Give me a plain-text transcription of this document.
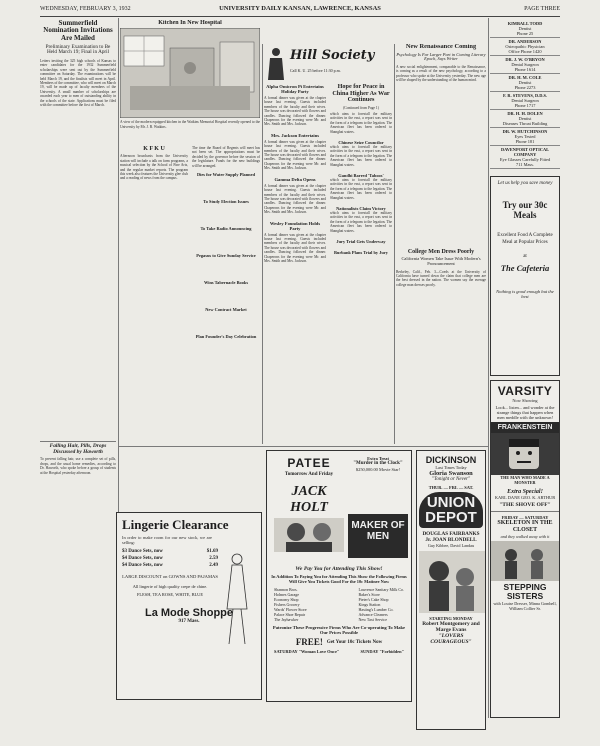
WEDNESDAY, FEBRUARY 3, 1932	UNIVERSITY DAILY KANSAN, LAWRENCE, KANSAS	PAGE THREE
Summerfield Nomination Invitations Are Mailed
Preliminary Examination to Be Held March 19; Final in April
Letters inviting the 325 high schools of Kansas to enter candidates for the 1932 Summerfield scholarships were sent out by the Summerfield committee on Saturday. The examinations will be held March 19, and the finalists will meet in April. Members of the committee, who will meet on March 19, will be made up of faculty members of the University. A small number of scholarships are awarded each year to men of outstanding ability in the schools of the state. Applications must be filed with the committee before the first of March.
Falling Hair, Pills, Drops Discussed by Haworth
To prevent falling hair, use a complete set of pills, drops, and the usual home remedies, according to Dr. Haworth, who spoke before a group of students at the Hospital yesterday afternoon.
Kitchen In New Hospital
A view of the modern equipped kitchen in the Watkins Memorial Hospital recently opened to the University by Mr. J. B. Watkins.
K F K U
Afternoon broadcasts from the University station will include a talk on farm programs, a musical selection by the School of Fine Arts, and the regular market reports. The program this week also features the University glee club and a reading of news from the campus.
The time the Board of Regents will meet has not been set. The appropriations must be decided by the governor before the session of the legislature. Funds for the new buildings will be arranged.
Dies for Water Supply Planned
To Study Election Issues
To Take Radio Announcing
Pegasus to Give Sunday Service
Wins Tabernacle Books
New Contract Market
Plan Founder's Day Celebration
Hill Society
Call K. U. 25 before 11:30 p.m.
Alpha Omicron Pi Entertains Holiday Party
A formal dinner was given at the chapter house last evening. Guests included members of the faculty and their wives. The house was decorated with flowers and candles. Dancing followed the dinner. Chaperons for the evening were Mr. and Mrs. Smith and Mrs. Jackson.
Mrs. Jackson Entertains
A formal dinner was given at the chapter house last evening. Guests included members of the faculty and their wives. The house was decorated with flowers and candles. Dancing followed the dinner. Chaperons for the evening were Mr. and Mrs. Smith and Mrs. Jackson.
Gamma Delta Opens
A formal dinner was given at the chapter house last evening. Guests included members of the faculty and their wives. The house was decorated with flowers and candles. Dancing followed the dinner. Chaperons for the evening were Mr. and Mrs. Smith and Mrs. Jackson.
Wesley Foundation Holds Party
A formal dinner was given at the chapter house last evening. Guests included members of the faculty and their wives. The house was decorated with flowers and candles. Dancing followed the dinner. Chaperons for the evening were Mr. and Mrs. Smith and Mrs. Jackson.
Hope for Peace in China Higher As War Continues
(Continued from Page 1)
which aims to forestall the military activities in the east, a report was sent in the form of a telegram to the legation. The American fleet has been ordered to Shanghai waters.
Chinese Seize Councilor
which aims to forestall the military activities in the east, a report was sent in the form of a telegram to the legation. The American fleet has been ordered to Shanghai waters.
Gandhi Barred 'Taboos'
which aims to forestall the military activities in the east, a report was sent in the form of a telegram to the legation. The American fleet has been ordered to Shanghai waters.
Nationalists Claim Victory
which aims to forestall the military activities in the east, a report was sent in the form of a telegram to the legation. The American fleet has been ordered to Shanghai waters.
Jury Trial Gets Underway
Burbank Plans Trial by Jury
New Renaissance Coming
Psychology Is Far Larger Part in Coming Literary Epoch, Says Writer
A new social enlightenment, comparable to the Renaissance, is coming as a result of the new psychology, according to a professor who spoke at the University yesterday. The new age will be shaped by the understanding of the human mind.
College Men Dress Poorly
California Women Take Issue With Modern's Pronouncement
Berkeley, Calif., Feb. 3—Coeds at the University of California have turned down the claim that college men are the best dressed in the nation. The women say the average college man dresses poorly.
KIMBALL TODD
Dentist
Phone 25
DR. ANDERSON
Osteopathic Physician
Office Phone 1420
DR. J. W. O'BRYON
Dental Surgeon
Phone 1614
DR. H. M. COLE
Dentist
Phone 2273
F. R. STEVENS, D.D.S.
Dental Surgeon
Phone 1717
DR. H. H. DOLEN
Dentist
Diseases Throat Building
DR. W. HUTCHINSON
Eyes Tested
Phone 181
DAVENPORT OPTICAL COMPANY
Eye Glasses Carefully Fitted
711 Mass.
Let us help you save money
Try our 30c Meals
Excellent Food A Complete Meal at Popular Prices
at
The Cafeteria
Nothing is good enough but the best
VARSITY
Now Showing
Look... listen... and wonder at the strange things that happen when men meddle with the unknown!
FRANKENSTEIN
THE MAN WHO MADE A MONSTER
Extra Special!
KARL DANE GEO. K. ARTHUR
"THE SHOVE OFF"
FRIDAY — SATURDAY
SKELETON IN THE CLOSET
and they walked away with it
STEPPING SISTERS
with Louise Dresser, Minna Gombell, William Collier Sr.
Lingerie Clearance
In order to make room for our new stock, we are selling:
$3 Dance Sets, now	$1.69
$4 Dance Sets, now	2.59
$4 Dance Sets, now	2.49
LARGE DISCOUNT on GOWNS AND PAJAMAS
All lingerie of high quality crepe de chine.
FLESH, TEA ROSE, WHITE, BLUE
La Mode Shoppe
917 Mass.
PATEE
Tomorrow And Friday
JACK HOLT
MAKER OF MEN
Extra Treat
"Murder in the Clock"
$250,000.00 Movie Star!
We Pay You for Attending This Show!
In Addition To Paying You for Attending This Show the Following Firms Will Give You Tickets Good For the 10c Matinee Now
Shannon Bros.
Holmes Garage
Economy Shop
Fishers Grocery
Wards' Flower Store
Palace Shoe Repair
The Jayhawker
Lawrence Sanitary Milk Co.
Baker's Store
Pieter's Cake Shop
Kings Station
Hasting's Lumber Co.
Advance Cleaners
New Taxi Service
Patronize These Progressive Firms Who Are Co-operating To Make Our Prices Possible
FREE! Get Your 10c Tickets Now
SATURDAY "Woman Love Once"	SUNDAY "Forbidden"
DICKINSON
Last Times Today
Gloria Swanson
"Tonight or Never"
THUR. — FRI. — SAT.
UNION DEPOT
DOUGLAS FAIRBANKS Jr. JOAN BLONDELL
Guy Kibbee, David Landau
STARTING MONDAY
Robert Montgomery and Marge Evans
"LOVERS COURAGEOUS"
